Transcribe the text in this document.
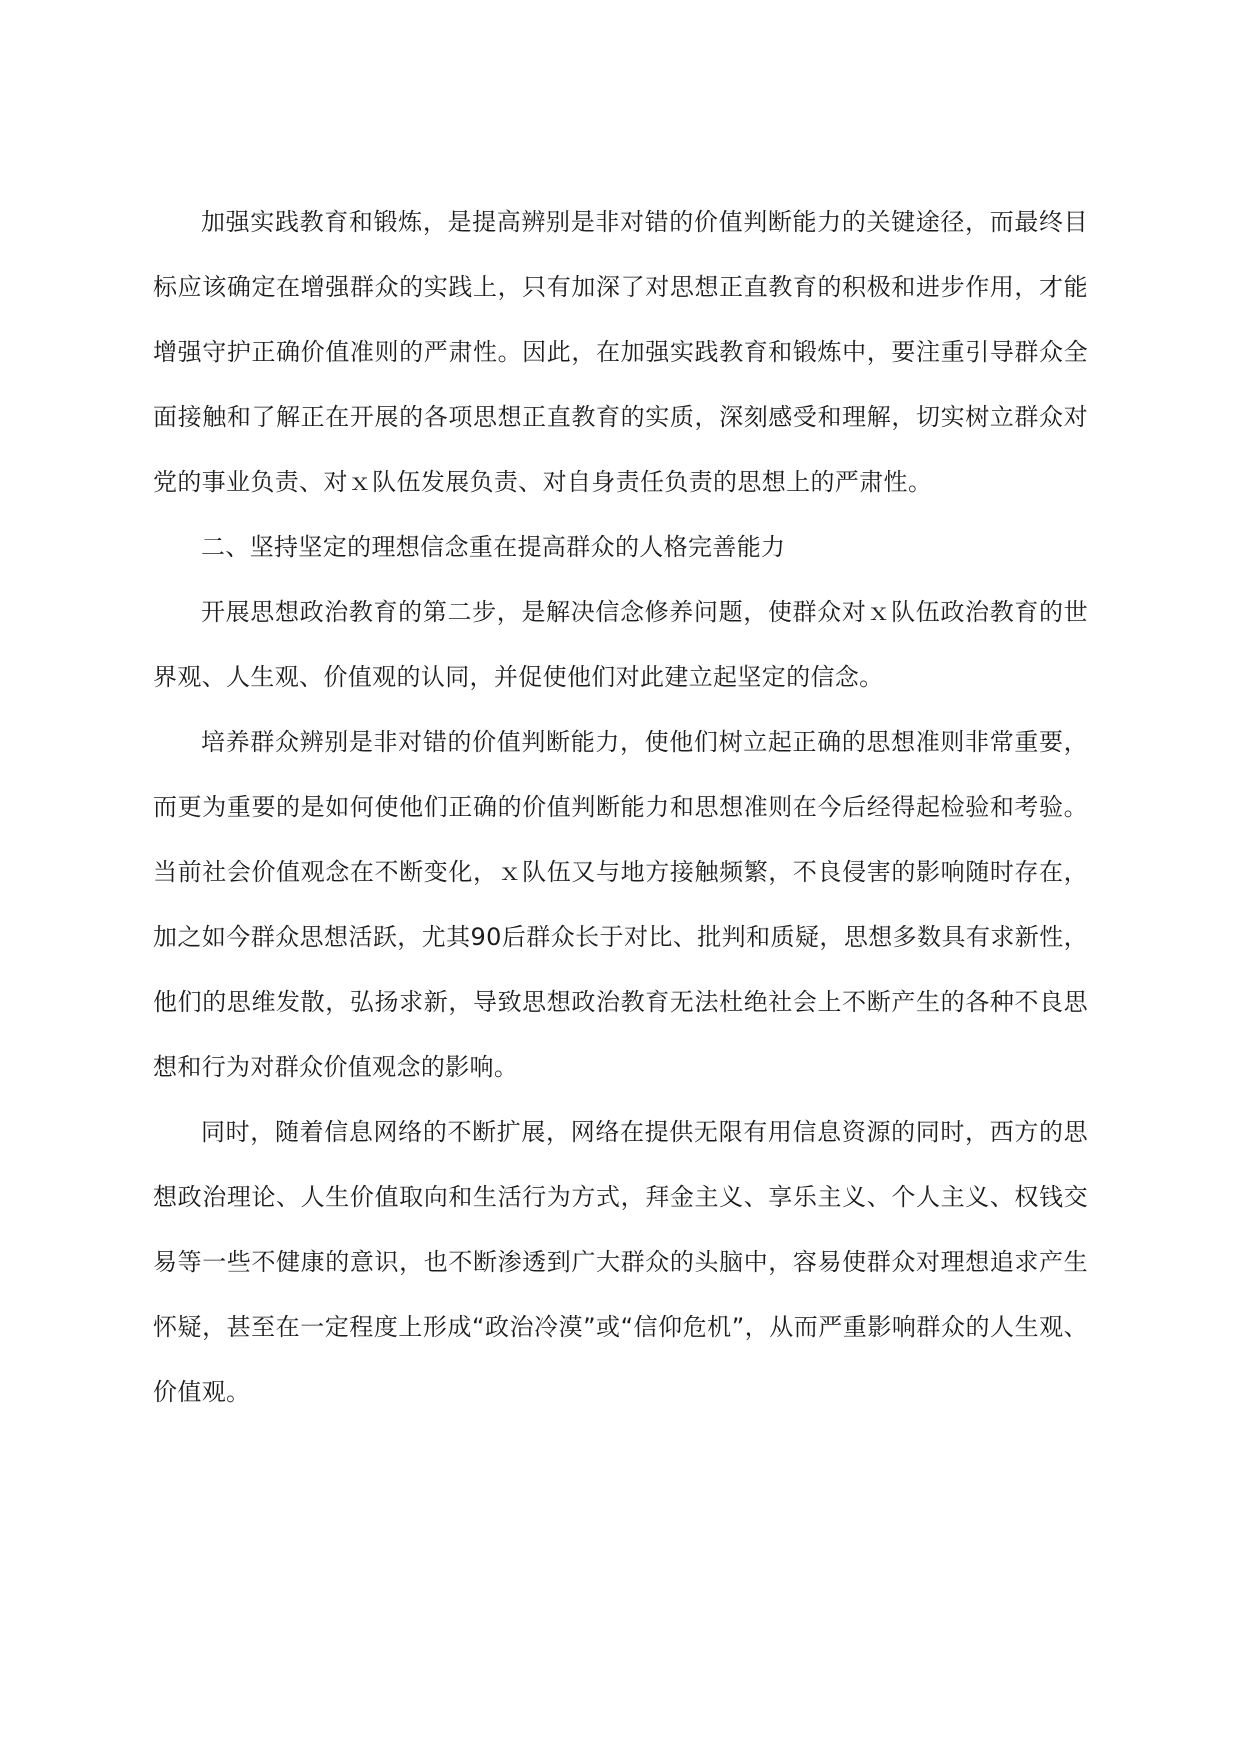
加强实践教育和锻炼，是提高辨别是非对错的价值判断能力的关键途径，而最终目标应该确定在增强群众的实践上，只有加深了对思想正直教育的积极和进步作用，才能增强守护正确价值准则的严肃性。因此，在加强实践教育和锻炼中，要注重引导群众全面接触和了解正在开展的各项思想正直教育的实质，深刻感受和理解，切实树立群众对党的事业负责、对ｘ队伍发展负责、对自身责任负责的思想上的严肃性。

二、坚持坚定的理想信念重在提高群众的人格完善能力

开展思想政治教育的第二步，是解决信念修养问题，使群众对ｘ队伍政治教育的世界观、人生观、价值观的认同，并促使他们对此建立起坚定的信念。

培养群众辨别是非对错的价值判断能力，使他们树立起正确的思想准则非常重要，而更为重要的是如何使他们正确的价值判断能力和思想准则在今后经得起检验和考验。当前社会价值观念在不断变化，ｘ队伍又与地方接触频繁，不良侵害的影响随时存在，加之如今群众思想活跃，尤其90后群众长于对比、批判和质疑，思想多数具有求新性，他们的思维发散，弘扬求新，导致思想政治教育无法杜绝社会上不断产生的各种不良思想和行为对群众价值观念的影响。

同时，随着信息网络的不断扩展，网络在提供无限有用信息资源的同时，西方的思想政治理论、人生价值取向和生活行为方式，拜金主义、享乐主义、个人主义、权钱交易等一些不健康的意识，也不断渗透到广大群众的头脑中，容易使群众对理想追求产生怀疑，甚至在一定程度上形成“政治冷漠”或“信仰危机”，从而严重影响群众的人生观、价值观。
